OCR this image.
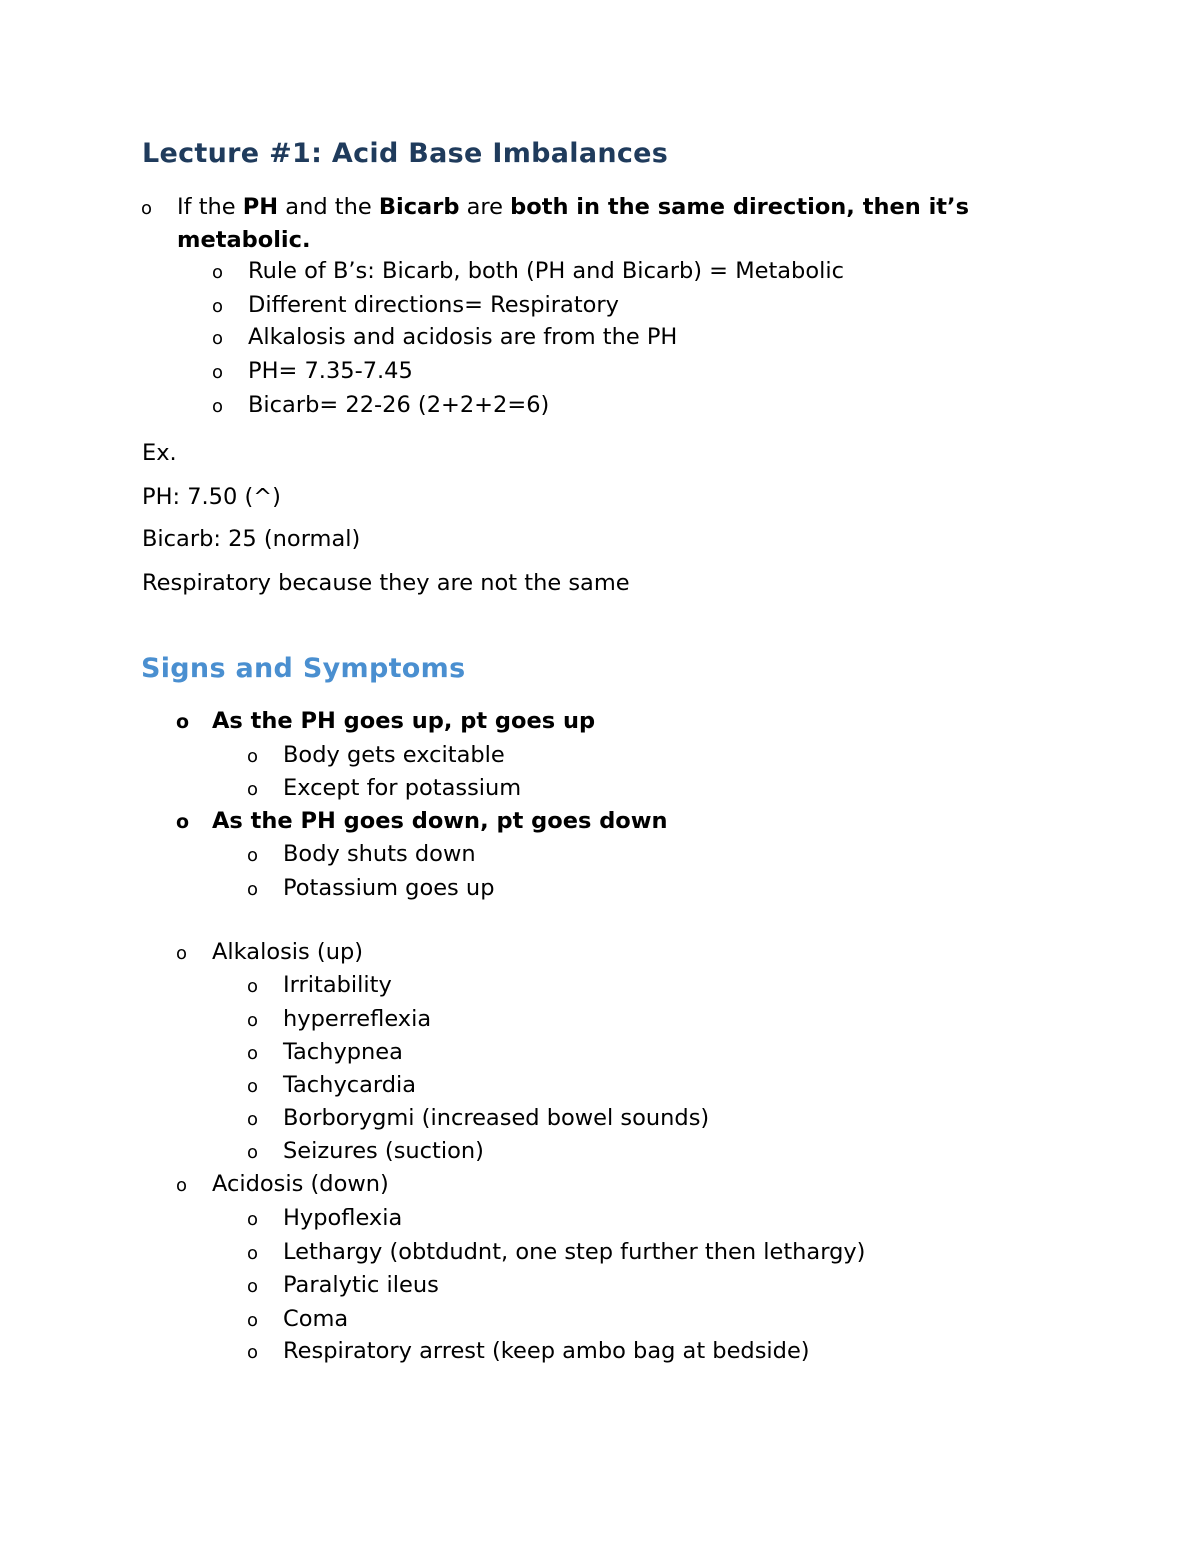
Lecture #1: Acid Base Imbalances
o If the PH and the Bicarb are both in the same direction, then it’s
metabolic.
o Rule of B’s: Bicarb, both (PH and Bicarb) = Metabolic
o Different directions= Respiratory
o Alkalosis and acidosis are from the PH
o PH= 7.35-7.45
o Bicarb= 22-26 (2+2+2=6)
Ex.
PH: 7.50 (^)
Bicarb: 25 (normal)
Respiratory because they are not the same
Signs and Symptoms
o As the PH goes up, pt goes up
o Body gets excitable
o Except for potassium
o As the PH goes down, pt goes down
o Body shuts down
o Potassium goes up
o Alkalosis (up)
o Irritability
o hyperreflexia
o Tachypnea
o Tachycardia
o Borborygmi (increased bowel sounds)
o Seizures (suction)
o Acidosis (down)
o Hypoflexia
o Lethargy (obtdudnt, one step further then lethargy)
o Paralytic ileus
o Coma
o Respiratory arrest (keep ambo bag at bedside)
